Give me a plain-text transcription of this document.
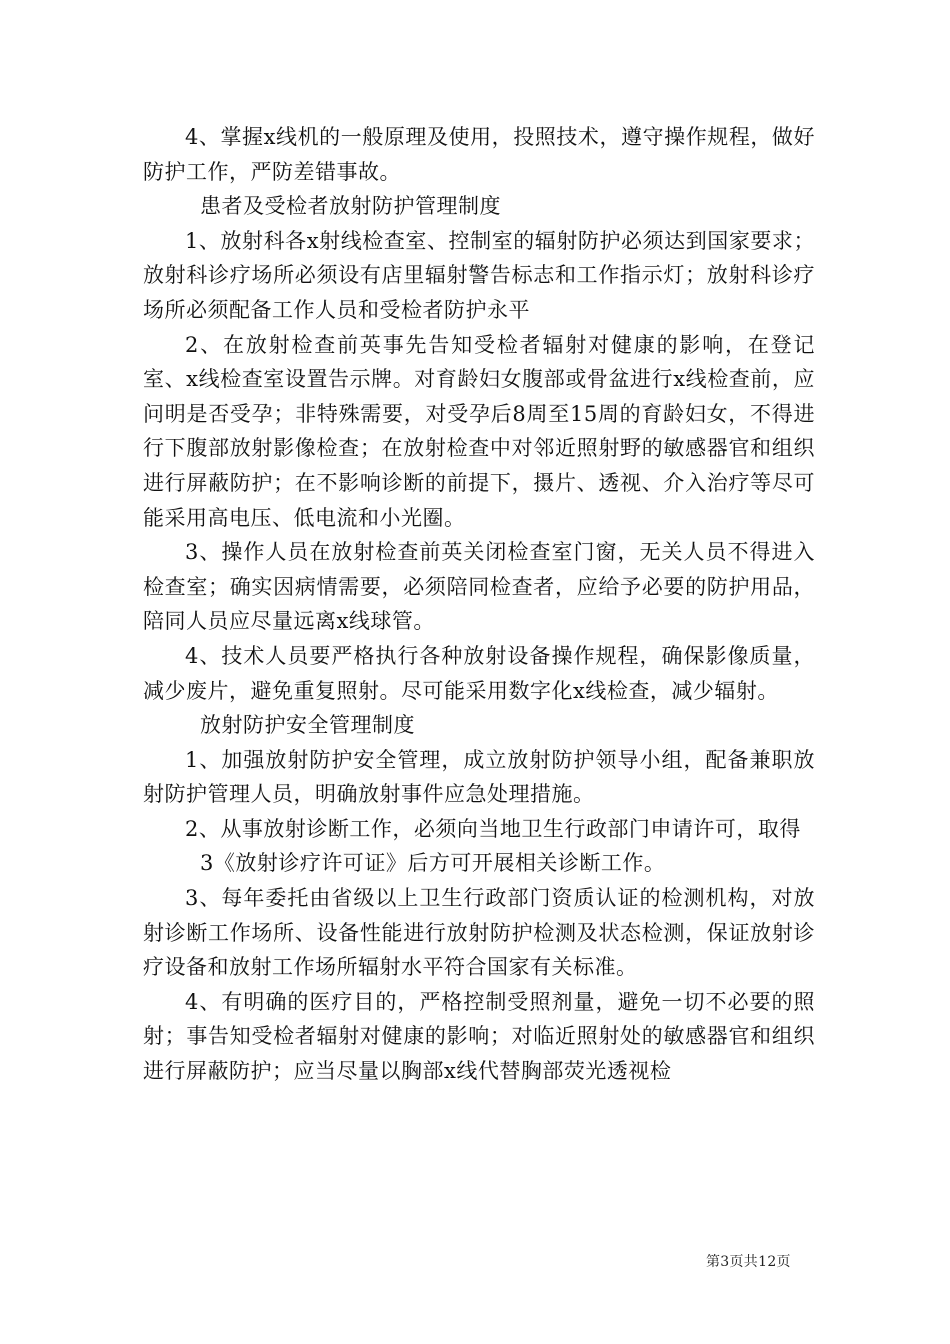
4、掌握x线机的一般原理及使用，投照技术，遵守操作规程，做好防护工作，严防差错事故。

患者及受检者放射防护管理制度

1、放射科各x射线检查室、控制室的辐射防护必须达到国家要求；放射科诊疗场所必须设有店里辐射警告标志和工作指示灯；放射科诊疗场所必须配备工作人员和受检者防护永平

2、在放射检查前英事先告知受检者辐射对健康的影响，在登记室、x线检查室设置告示牌。对育龄妇女腹部或骨盆进行x线检查前，应问明是否受孕；非特殊需要，对受孕后8周至15周的育龄妇女，不得进行下腹部放射影像检查；在放射检查中对邻近照射野的敏感器官和组织进行屏蔽防护；在不影响诊断的前提下，摄片、透视、介入治疗等尽可能采用高电压、低电流和小光圈。

3、操作人员在放射检查前英关闭检查室门窗，无关人员不得进入检查室；确实因病情需要，必须陪同检查者，应给予必要的防护用品，陪同人员应尽量远离x线球管。

4、技术人员要严格执行各种放射设备操作规程，确保影像质量，减少废片，避免重复照射。尽可能采用数字化x线检查，减少辐射。

放射防护安全管理制度

1、加强放射防护安全管理，成立放射防护领导小组，配备兼职放射防护管理人员，明确放射事件应急处理措施。

2、从事放射诊断工作，必须向当地卫生行政部门申请许可，取得

3《放射诊疗许可证》后方可开展相关诊断工作。

3、每年委托由省级以上卫生行政部门资质认证的检测机构，对放射诊断工作场所、设备性能进行放射防护检测及状态检测，保证放射诊疗设备和放射工作场所辐射水平符合国家有关标准。

4、有明确的医疗目的，严格控制受照剂量，避免一切不必要的照射；事告知受检者辐射对健康的影响；对临近照射处的敏感器官和组织进行屏蔽防护；应当尽量以胸部x线代替胸部荧光透视检

第3页共12页
